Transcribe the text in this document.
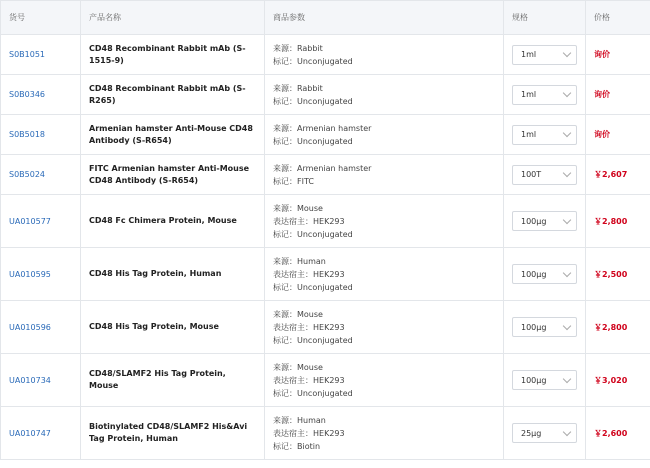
货号	产品名称	商品参数	规格	价格
S0B1051	CD48 Recombinant Rabbit mAb (S-1515-9)	来源：Rabbit
标记：Unconjugated	1ml	询价
S0B0346	CD48 Recombinant Rabbit mAb (S-R265)	来源：Rabbit
标记：Unconjugated	1ml	询价
S0B5018	Armenian hamster Anti-Mouse CD48 Antibody (S-R654)	来源：Armenian hamster
标记：Unconjugated	1ml	询价
S0B5024	FITC Armenian hamster Anti-Mouse CD48 Antibody (S-R654)	来源：Armenian hamster
标记：FITC	100T	￥2,607
UA010577	CD48 Fc Chimera Protein, Mouse	来源：Mouse
表达宿主：HEK293
标记：Unconjugated	100μg	￥2,800
UA010595	CD48 His Tag Protein, Human	来源：Human
表达宿主：HEK293
标记：Unconjugated	100μg	￥2,500
UA010596	CD48 His Tag Protein, Mouse	来源：Mouse
表达宿主：HEK293
标记：Unconjugated	100μg	￥2,800
UA010734	CD48/SLAMF2 His Tag Protein, Mouse	来源：Mouse
表达宿主：HEK293
标记：Unconjugated	100μg	￥3,020
UA010747	Biotinylated CD48/SLAMF2 His&Avi Tag Protein, Human	来源：Human
表达宿主：HEK293
标记：Biotin	25μg	￥2,600
